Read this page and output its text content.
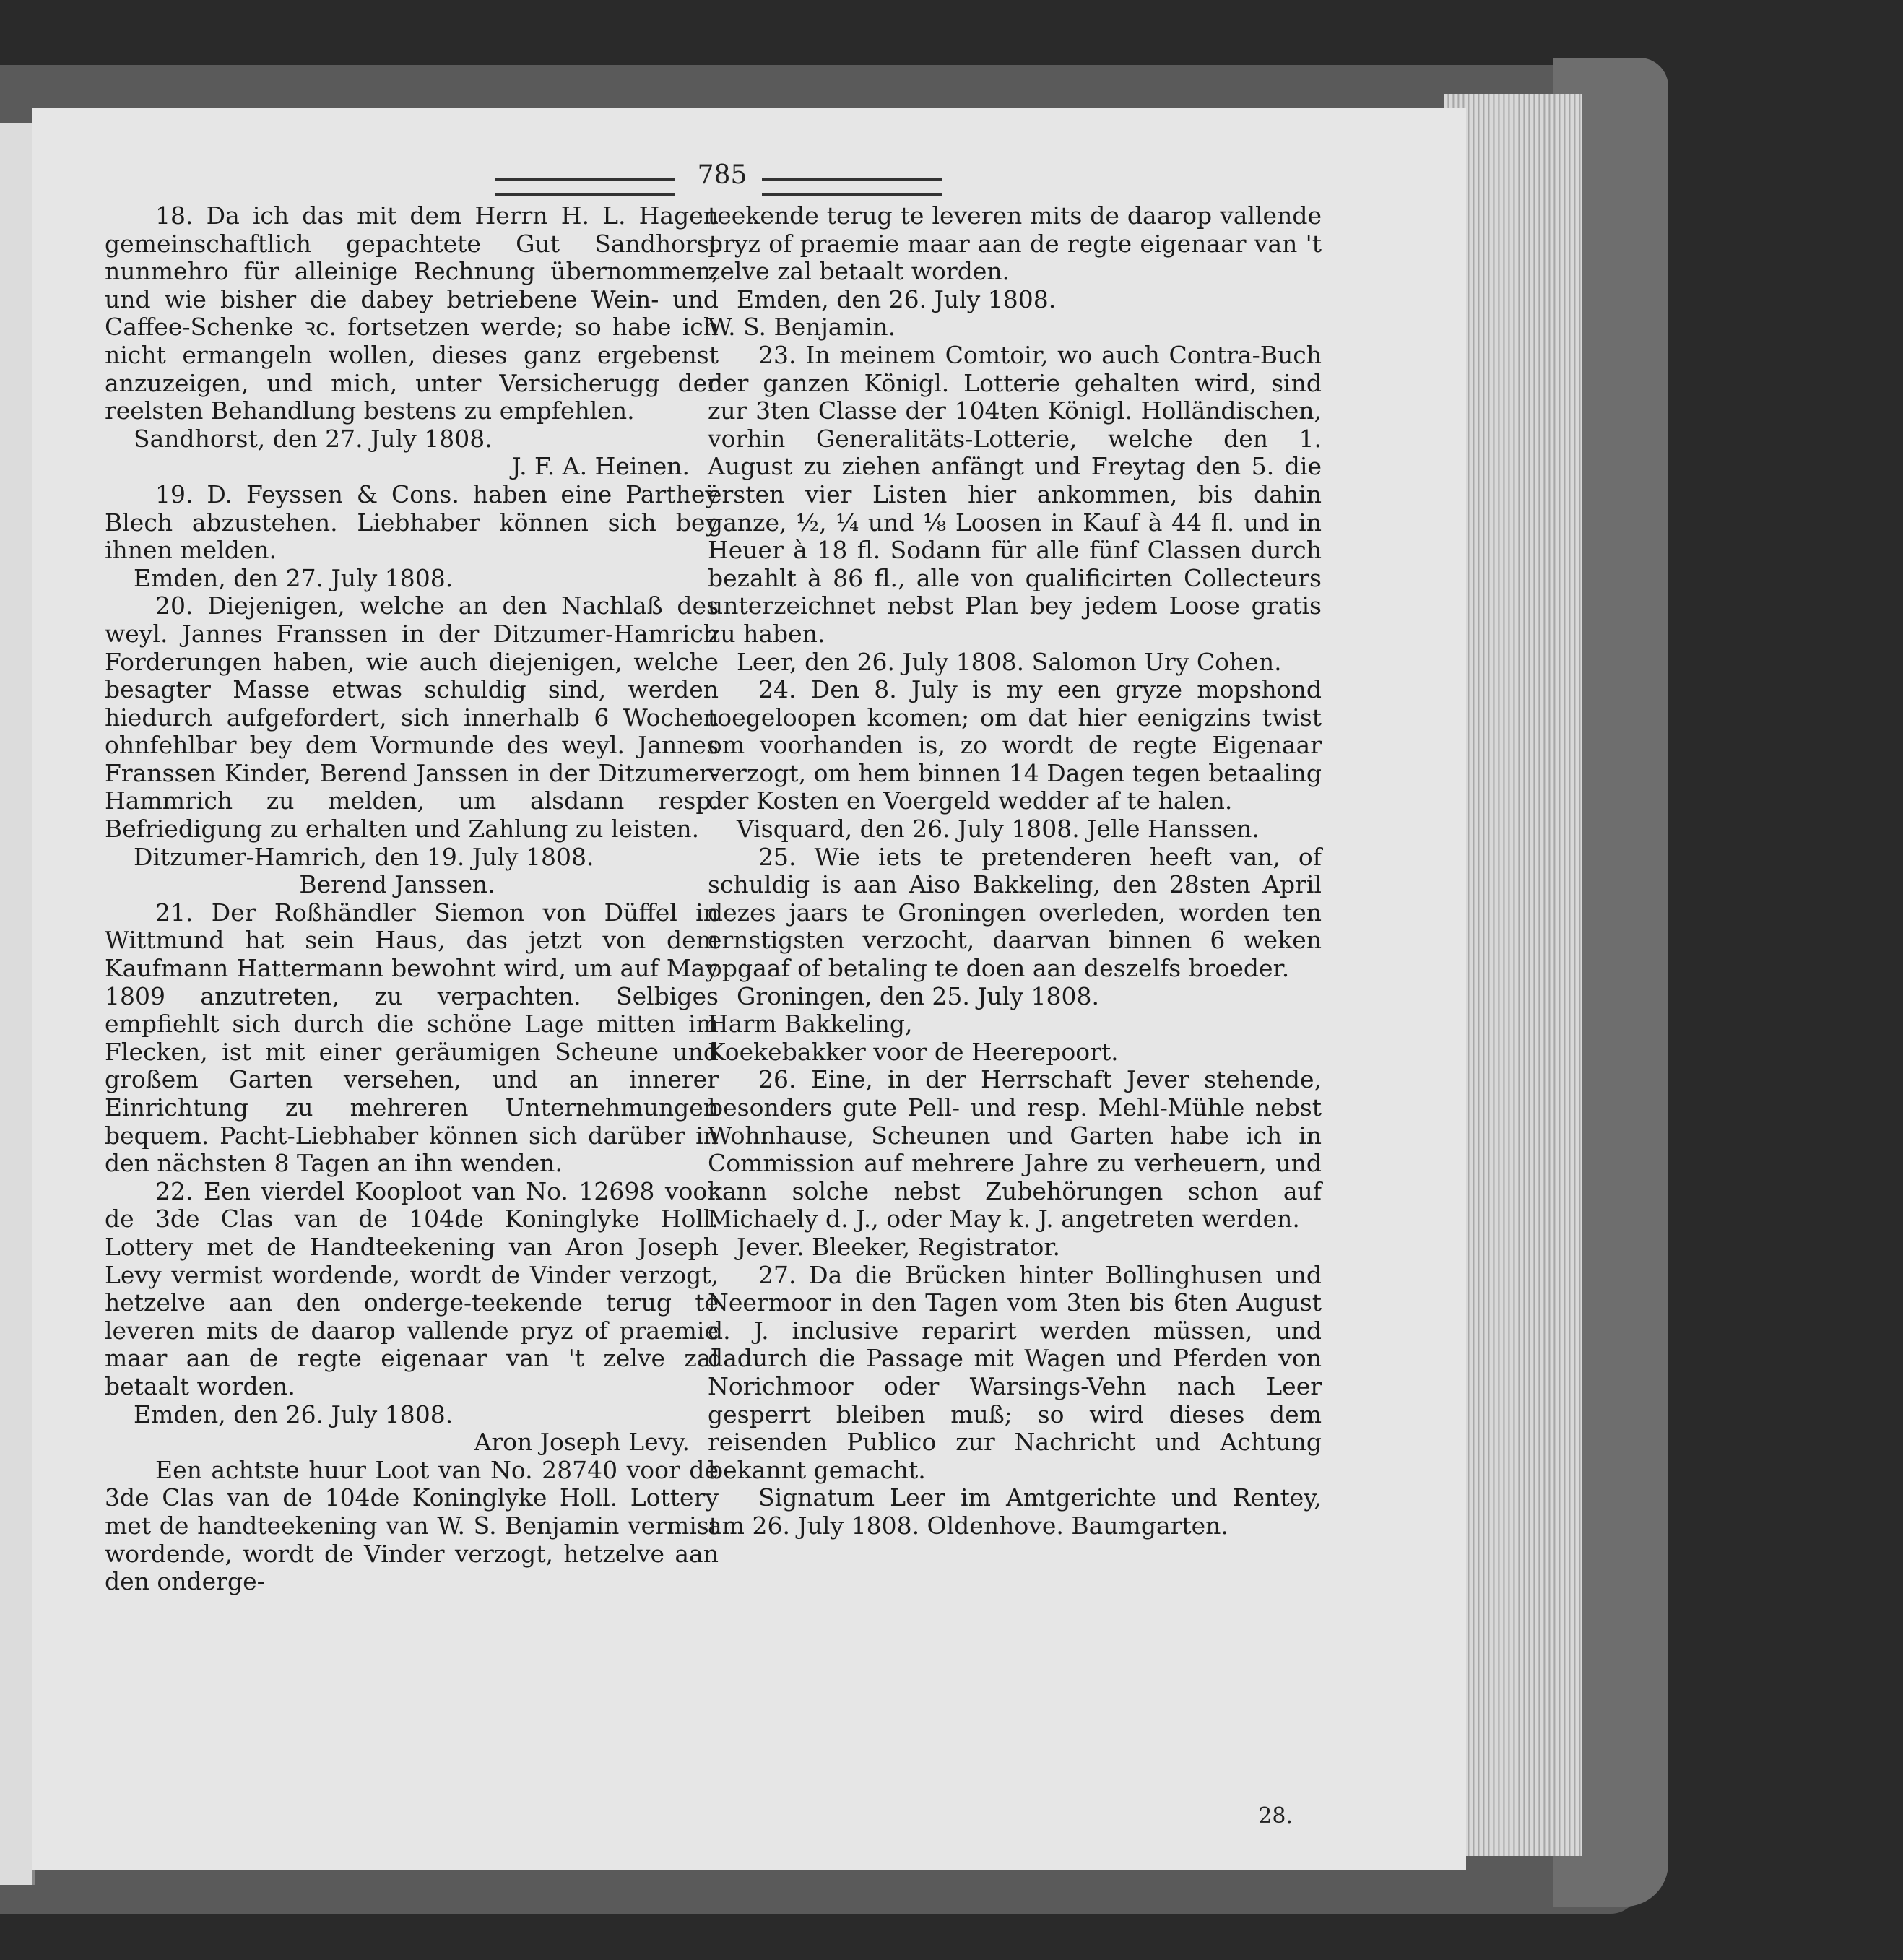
785

18. Da ich das mit dem Herrn H. L. Hagen gemeinschaftlich gepachtete Gut Sandhorst nunmehro für alleinige Rechnung übernommen, und wie bisher die dabey betriebene Wein- und Caffee-Schenke ꝛc. fortsetzen werde; so habe ich nicht ermangeln wollen, dieses ganz ergebenst anzuzeigen, und mich, unter Versicherugg der reelsten Behandlung bestens zu empfehlen.

Sandhorst, den 27. July 1808.

J. F. A. Heinen.

19. D. Feyssen & Cons. haben eine Partheÿ Blech abzustehen. Liebhaber können sich bey ihnen melden.

Emden, den 27. July 1808.

20. Diejenigen, welche an den Nachlaß des weyl. Jannes Franssen in der Ditzumer-Hamrich Forderungen haben, wie auch diejenigen, welche besagter Masse etwas schuldig sind, werden hiedurch aufgefordert, sich innerhalb 6 Wochen ohnfehlbar bey dem Vormunde des weyl. Jannes Franssen Kinder, Berend Janssen in der Ditzumer-Hammrich zu melden, um alsdann resp. Befriedigung zu erhalten und Zahlung zu leisten.

Ditzumer-Hamrich, den 19. July 1808.

Berend Janssen.

21. Der Roßhändler Siemon von Düffel in Wittmund hat sein Haus, das jetzt von dem Kaufmann Hattermann bewohnt wird, um auf May 1809 anzutreten, zu verpachten. Selbiges empfiehlt sich durch die schöne Lage mitten im Flecken, ist mit einer geräumigen Scheune und großem Garten versehen, und an innerer Einrichtung zu mehreren Unternehmungen bequem. Pacht-Liebhaber können sich darüber in den nächsten 8 Tagen an ihn wenden.

22. Een vierdel Kooploot van No. 12698 voor de 3de Clas van de 104de Koninglyke Holl. Lottery met de Handteekening van Aron Joseph Levy vermist wordende, wordt de Vinder verzogt, hetzelve aan den onderge-teekende terug te leveren mits de daarop vallende pryz of praemie maar aan de regte eigenaar van 't zelve zal betaalt worden.

Emden, den 26. July 1808.

Aron Joseph Levy.

Een achtste huur Loot van No. 28740 voor de 3de Clas van de 104de Koninglyke Holl. Lottery met de handteekening van W. S. Benjamin vermist wordende, wordt de Vinder verzogt, hetzelve aan den onderge-

teekende terug te leveren mits de daarop vallende pryz of praemie maar aan de regte eigenaar van 't zelve zal betaalt worden.

Emden, den 26. July 1808.

W. S. Benjamin.

23. In meinem Comtoir, wo auch Contra-Buch der ganzen Königl. Lotterie gehalten wird, sind zur 3ten Classe der 104ten Königl. Holländischen, vorhin Generalitäts-Lotterie, welche den 1. August zu ziehen anfängt und Freytag den 5. die ersten vier Listen hier ankommen, bis dahin ganze, ½, ¼ und ⅛ Loosen in Kauf à 44 fl. und in Heuer à 18 fl. Sodann für alle fünf Classen durch bezahlt à 86 fl., alle von qualificirten Collecteurs unterzeichnet nebst Plan bey jedem Loose gratis zu haben.

Leer, den 26. July 1808. Salomon Ury Cohen.

24. Den 8. July is my een gryze mopshond toegeloopen kcomen; om dat hier eenigzins twist om voorhanden is, zo wordt de regte Eigenaar verzogt, om hem binnen 14 Dagen tegen betaaling der Kosten en Voergeld wedder af te halen.

Visquard, den 26. July 1808. Jelle Hanssen.

25. Wie iets te pretenderen heeft van, of schuldig is aan Aiso Bakkeling, den 28sten April dezes jaars te Groningen overleden, worden ten ernstigsten verzocht, daarvan binnen 6 weken opgaaf of betaling te doen aan deszelfs broeder.

Groningen, den 25. July 1808.

Harm Bakkeling,

Koekebakker voor de Heerepoort.

26. Eine, in der Herrschaft Jever stehende, besonders gute Pell- und resp. Mehl-Mühle nebst Wohnhause, Scheunen und Garten habe ich in Commission auf mehrere Jahre zu verheuern, und kann solche nebst Zubehörungen schon auf Michaely d. J., oder May k. J. angetreten werden.

Jever. Bleeker, Registrator.

27. Da die Brücken hinter Bollinghusen und Neermoor in den Tagen vom 3ten bis 6ten August d. J. inclusive reparirt werden müssen, und dadurch die Passage mit Wagen und Pferden von Norichmoor oder Warsings-Vehn nach Leer gesperrt bleiben muß; so wird dieses dem reisenden Publico zur Nachricht und Achtung bekannt gemacht.

Signatum Leer im Amtgerichte und Rentey, am 26. July 1808. Oldenhove. Baumgarten.

28.
